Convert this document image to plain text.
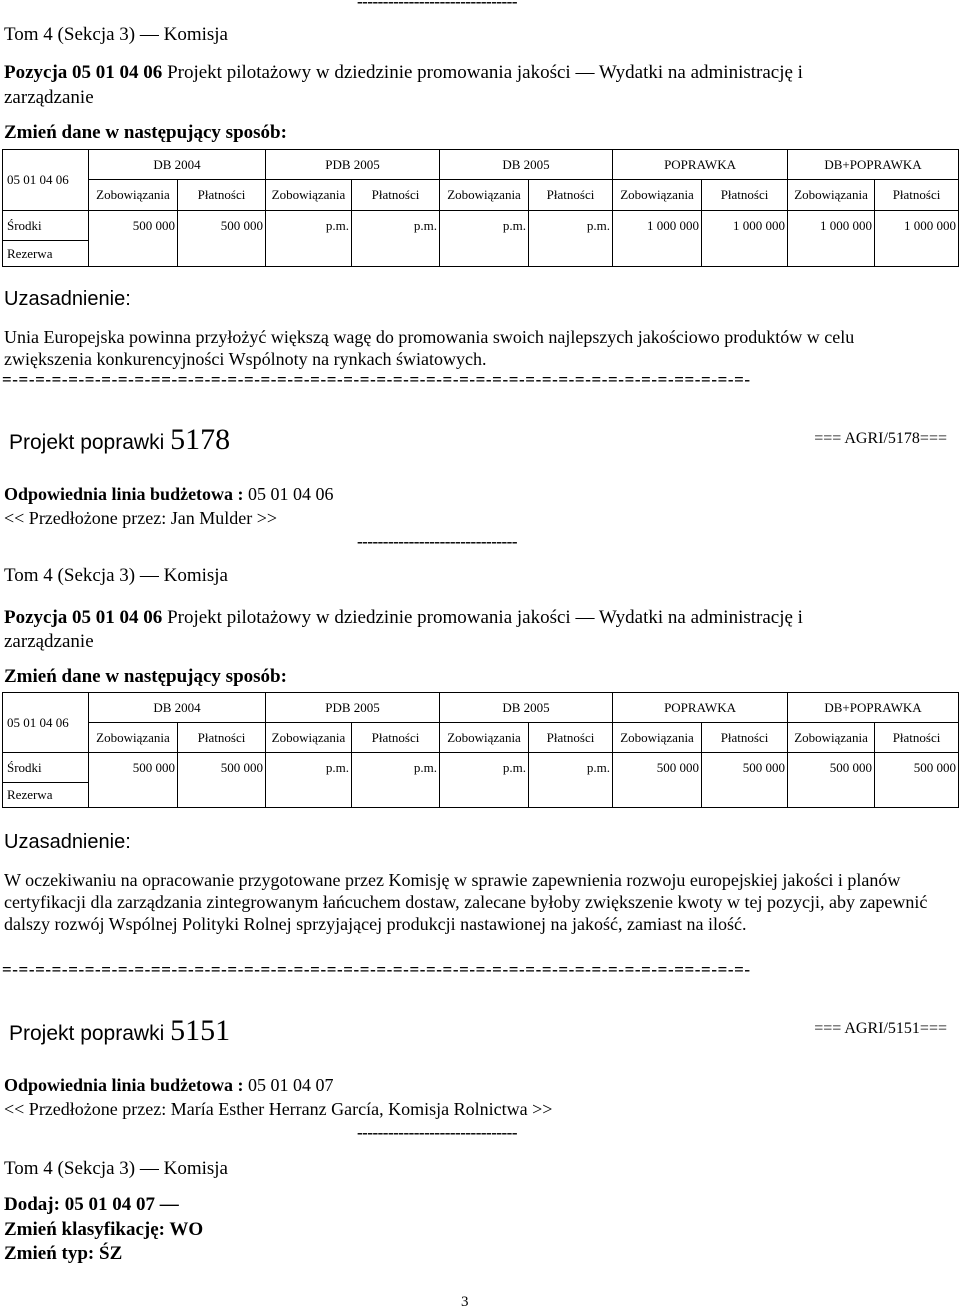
-------------------------------
Tom 4 (Sekcja 3) — Komisja
Pozycja 05 01 04 06 Projekt pilotażowy w dziedzinie promowania jakości — Wydatki na administrację i
zarządzanie
Zmień dane w następujący sposób:
05 01 04 06	DB 2004		PDB 2005		DB 2005		POPRAWKA		DB+POPRAWKA	
	Zobowiązania	Płatności	Zobowiązania	Płatności	Zobowiązania	Płatności	Zobowiązania	Płatności	Zobowiązania	Płatności
Środki	500 000	500 000	p.m.	p.m.	p.m.	p.m.	1 000 000	1 000 000	1 000 000	1 000 000
Rezerwa										
Uzasadnienie:
Unia Europejska powinna przyłożyć większą wagę do promowania swoich najlepszych jakościowo produktów w celu zwiększenia konkurencyjności Wspólnoty na rynkach światowych.
=-=-=-=-=-=-=-=-=-==-=-=-=-=-=-=-=-=-=-=-=-=-=-=-=-=-=-=-=-=-=-=-=-=-=-=-=-=-=-=-==-=-=-=-
Projekt poprawki 5178	=== AGRI/5178===
Odpowiednia linia budżetowa : 05 01 04 06
<< Przedłożone przez: Jan Mulder >>
-------------------------------
Tom 4 (Sekcja 3) — Komisja
Pozycja 05 01 04 06 Projekt pilotażowy w dziedzinie promowania jakości — Wydatki na administrację i
zarządzanie
Zmień dane w następujący sposób:
05 01 04 06	DB 2004		PDB 2005		DB 2005		POPRAWKA		DB+POPRAWKA	
	Zobowiązania	Płatności	Zobowiązania	Płatności	Zobowiązania	Płatności	Zobowiązania	Płatności	Zobowiązania	Płatności
Środki	500 000	500 000	p.m.	p.m.	p.m.	p.m.	500 000	500 000	500 000	500 000
Rezerwa										
Uzasadnienie:
W oczekiwaniu na opracowanie przygotowane przez Komisję w sprawie zapewnienia rozwoju europejskiej jakości i planów certyfikacji dla zarządzania zintegrowanym łańcuchem dostaw, zalecane byłoby zwiększenie kwoty w tej pozycji, aby zapewnić dalszy rozwój Wspólnej Polityki Rolnej sprzyjającej produkcji nastawionej na jakość, zamiast na ilość.
=-=-=-=-=-=-=-=-=-==-=-=-=-=-=-=-=-=-=-=-=-=-=-=-=-=-=-=-=-=-=-=-=-=-=-=-=-=-=-=-==-=-=-=-
Projekt poprawki 5151	=== AGRI/5151===
Odpowiednia linia budżetowa : 05 01 04 07
<< Przedłożone przez: María Esther Herranz García, Komisja Rolnictwa >>
-------------------------------
Tom 4 (Sekcja 3) — Komisja
Dodaj: 05 01 04 07 —
Zmień klasyfikację: WO
Zmień typ: ŚZ
3
